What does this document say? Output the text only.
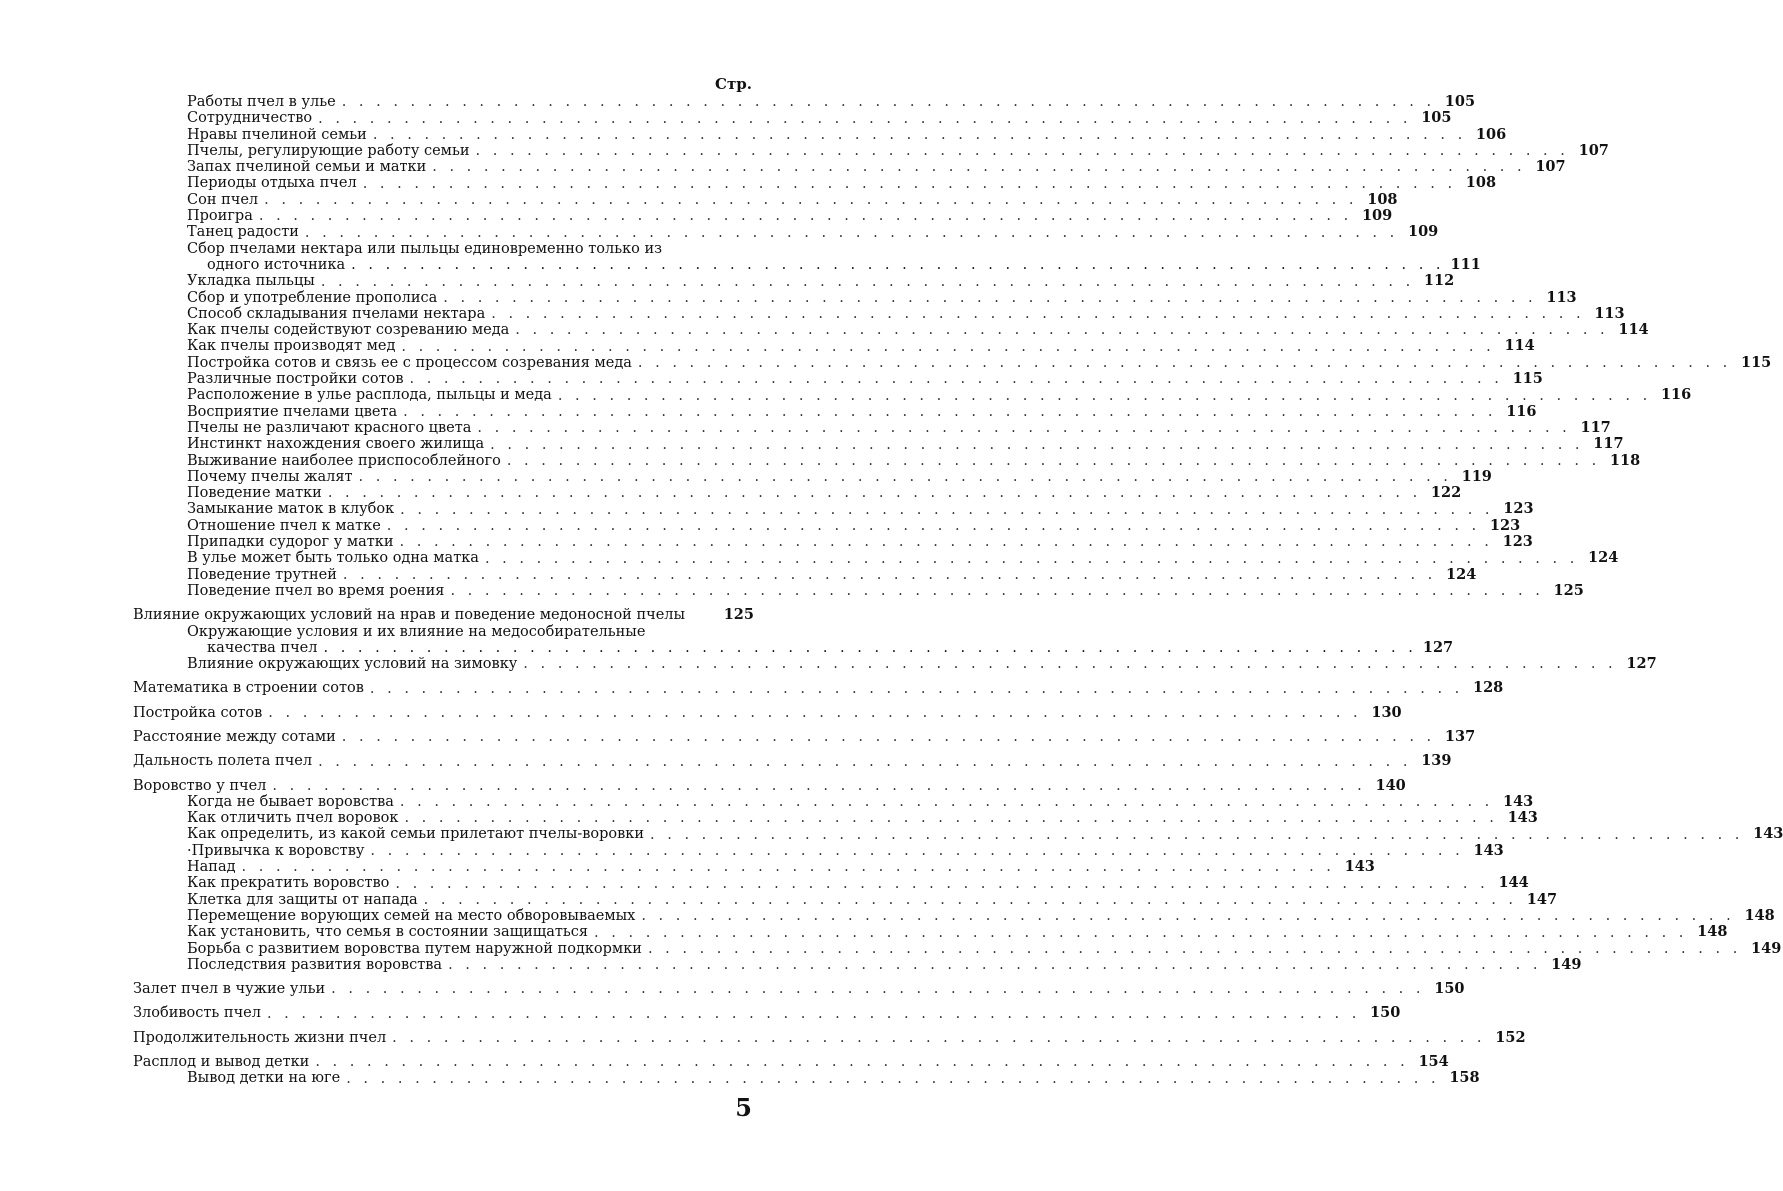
Стр.
Работы пчел в улье . . . . . . . . . . . . . . . . . . . . . . . . . . . . . . . . . . . . . . . . . . . . . . . . . . . . . . . . . . . . . . . . 105
Сотрудничество . . . . . . . . . . . . . . . . . . . . . . . . . . . . . . . . . . . . . . . . . . . . . . . . . . . . . . . . . . . . . . . . 105
Нравы пчелиной семьи . . . . . . . . . . . . . . . . . . . . . . . . . . . . . . . . . . . . . . . . . . . . . . . . . . . . . . . . . . . . . . . . 106
Пчелы, регулирующие работу семьи . . . . . . . . . . . . . . . . . . . . . . . . . . . . . . . . . . . . . . . . . . . . . . . . . . . . . . . . . . . . . . . . 107
Запах пчелиной семьи и матки . . . . . . . . . . . . . . . . . . . . . . . . . . . . . . . . . . . . . . . . . . . . . . . . . . . . . . . . . . . . . . . . 107
Периоды отдыха пчел . . . . . . . . . . . . . . . . . . . . . . . . . . . . . . . . . . . . . . . . . . . . . . . . . . . . . . . . . . . . . . . . 108
Сон пчел . . . . . . . . . . . . . . . . . . . . . . . . . . . . . . . . . . . . . . . . . . . . . . . . . . . . . . . . . . . . . . . . 108
Проигра . . . . . . . . . . . . . . . . . . . . . . . . . . . . . . . . . . . . . . . . . . . . . . . . . . . . . . . . . . . . . . . . 109
Танец радости . . . . . . . . . . . . . . . . . . . . . . . . . . . . . . . . . . . . . . . . . . . . . . . . . . . . . . . . . . . . . . . . 109
Сбор пчелами нектара или пыльцы единовременно только из
одного источника . . . . . . . . . . . . . . . . . . . . . . . . . . . . . . . . . . . . . . . . . . . . . . . . . . . . . . . . . . . . . . . . 111
Укладка пыльцы . . . . . . . . . . . . . . . . . . . . . . . . . . . . . . . . . . . . . . . . . . . . . . . . . . . . . . . . . . . . . . . . 112
Сбор и употребление прополиса . . . . . . . . . . . . . . . . . . . . . . . . . . . . . . . . . . . . . . . . . . . . . . . . . . . . . . . . . . . . . . . . 113
Способ складывания пчелами нектара . . . . . . . . . . . . . . . . . . . . . . . . . . . . . . . . . . . . . . . . . . . . . . . . . . . . . . . . . . . . . . . . 113
Как пчелы содействуют созреванию меда . . . . . . . . . . . . . . . . . . . . . . . . . . . . . . . . . . . . . . . . . . . . . . . . . . . . . . . . . . . . . . . . 114
Как пчелы производят мед . . . . . . . . . . . . . . . . . . . . . . . . . . . . . . . . . . . . . . . . . . . . . . . . . . . . . . . . . . . . . . . . 114
Постройка сотов и связь ее с процессом созревания меда . . . . . . . . . . . . . . . . . . . . . . . . . . . . . . . . . . . . . . . . . . . . . . . . . . . . . . . . . . . . . . . . 115
Различные постройки сотов . . . . . . . . . . . . . . . . . . . . . . . . . . . . . . . . . . . . . . . . . . . . . . . . . . . . . . . . . . . . . . . . 115
Расположение в улье расплода, пыльцы и меда . . . . . . . . . . . . . . . . . . . . . . . . . . . . . . . . . . . . . . . . . . . . . . . . . . . . . . . . . . . . . . . . 116
Восприятие пчелами цвета . . . . . . . . . . . . . . . . . . . . . . . . . . . . . . . . . . . . . . . . . . . . . . . . . . . . . . . . . . . . . . . . 116
Пчелы не различают красного цвета . . . . . . . . . . . . . . . . . . . . . . . . . . . . . . . . . . . . . . . . . . . . . . . . . . . . . . . . . . . . . . . . 117
Инстинкт нахождения своего жилища . . . . . . . . . . . . . . . . . . . . . . . . . . . . . . . . . . . . . . . . . . . . . . . . . . . . . . . . . . . . . . . . 117
Выживание наиболее приспособлейного . . . . . . . . . . . . . . . . . . . . . . . . . . . . . . . . . . . . . . . . . . . . . . . . . . . . . . . . . . . . . . . . 118
Почему пчелы жалят . . . . . . . . . . . . . . . . . . . . . . . . . . . . . . . . . . . . . . . . . . . . . . . . . . . . . . . . . . . . . . . . 119
Поведение матки . . . . . . . . . . . . . . . . . . . . . . . . . . . . . . . . . . . . . . . . . . . . . . . . . . . . . . . . . . . . . . . . 122
Замыкание маток в клубок . . . . . . . . . . . . . . . . . . . . . . . . . . . . . . . . . . . . . . . . . . . . . . . . . . . . . . . . . . . . . . . . 123
Отношение пчел к матке . . . . . . . . . . . . . . . . . . . . . . . . . . . . . . . . . . . . . . . . . . . . . . . . . . . . . . . . . . . . . . . . 123
Припадки судорог у матки . . . . . . . . . . . . . . . . . . . . . . . . . . . . . . . . . . . . . . . . . . . . . . . . . . . . . . . . . . . . . . . . 123
В улье может быть только одна матка . . . . . . . . . . . . . . . . . . . . . . . . . . . . . . . . . . . . . . . . . . . . . . . . . . . . . . . . . . . . . . . . 124
Поведение трутней . . . . . . . . . . . . . . . . . . . . . . . . . . . . . . . . . . . . . . . . . . . . . . . . . . . . . . . . . . . . . . . . 124
Поведение пчел во время роения . . . . . . . . . . . . . . . . . . . . . . . . . . . . . . . . . . . . . . . . . . . . . . . . . . . . . . . . . . . . . . . . 125
Влияние окружающих условий на нрав и поведение медоносной пчелы	125
Окружающие условия и их влияние на медособирательные
качества пчел . . . . . . . . . . . . . . . . . . . . . . . . . . . . . . . . . . . . . . . . . . . . . . . . . . . . . . . . . . . . . . . . 127
Влияние окружающих условий на зимовку . . . . . . . . . . . . . . . . . . . . . . . . . . . . . . . . . . . . . . . . . . . . . . . . . . . . . . . . . . . . . . . . 127
Математика в строении сотов . . . . . . . . . . . . . . . . . . . . . . . . . . . . . . . . . . . . . . . . . . . . . . . . . . . . . . . . . . . . . . . . 128
Постройка сотов . . . . . . . . . . . . . . . . . . . . . . . . . . . . . . . . . . . . . . . . . . . . . . . . . . . . . . . . . . . . . . . . 130
Расстояние между сотами . . . . . . . . . . . . . . . . . . . . . . . . . . . . . . . . . . . . . . . . . . . . . . . . . . . . . . . . . . . . . . . . 137
Дальность полета пчел . . . . . . . . . . . . . . . . . . . . . . . . . . . . . . . . . . . . . . . . . . . . . . . . . . . . . . . . . . . . . . . . 139
Воровство у пчел . . . . . . . . . . . . . . . . . . . . . . . . . . . . . . . . . . . . . . . . . . . . . . . . . . . . . . . . . . . . . . . . 140
Когда не бывает воровства . . . . . . . . . . . . . . . . . . . . . . . . . . . . . . . . . . . . . . . . . . . . . . . . . . . . . . . . . . . . . . . . 143
Как отличить пчел воровок . . . . . . . . . . . . . . . . . . . . . . . . . . . . . . . . . . . . . . . . . . . . . . . . . . . . . . . . . . . . . . . . 143
Как определить, из какой семьи прилетают пчелы-воровки . . . . . . . . . . . . . . . . . . . . . . . . . . . . . . . . . . . . . . . . . . . . . . . . . . . . . . . . . . . . . . . . 143
·Привычка к воровству . . . . . . . . . . . . . . . . . . . . . . . . . . . . . . . . . . . . . . . . . . . . . . . . . . . . . . . . . . . . . . . . 143
Напад . . . . . . . . . . . . . . . . . . . . . . . . . . . . . . . . . . . . . . . . . . . . . . . . . . . . . . . . . . . . . . . . 143
Как прекратить воровство . . . . . . . . . . . . . . . . . . . . . . . . . . . . . . . . . . . . . . . . . . . . . . . . . . . . . . . . . . . . . . . . 144
Клетка для защиты от напада . . . . . . . . . . . . . . . . . . . . . . . . . . . . . . . . . . . . . . . . . . . . . . . . . . . . . . . . . . . . . . . . 147
Перемещение ворующих семей на место обворовываемых . . . . . . . . . . . . . . . . . . . . . . . . . . . . . . . . . . . . . . . . . . . . . . . . . . . . . . . . . . . . . . . . 148
Как установить, что семья в состоянии защищаться . . . . . . . . . . . . . . . . . . . . . . . . . . . . . . . . . . . . . . . . . . . . . . . . . . . . . . . . . . . . . . . . 148
Борьба с развитием воровства путем наружной подкормки . . . . . . . . . . . . . . . . . . . . . . . . . . . . . . . . . . . . . . . . . . . . . . . . . . . . . . . . . . . . . . . . 149
Последствия развития воровства . . . . . . . . . . . . . . . . . . . . . . . . . . . . . . . . . . . . . . . . . . . . . . . . . . . . . . . . . . . . . . . . 149
Залет пчел в чужие ульи . . . . . . . . . . . . . . . . . . . . . . . . . . . . . . . . . . . . . . . . . . . . . . . . . . . . . . . . . . . . . . . . 150
Злобивость пчел . . . . . . . . . . . . . . . . . . . . . . . . . . . . . . . . . . . . . . . . . . . . . . . . . . . . . . . . . . . . . . . . 150
Продолжительность жизни пчел . . . . . . . . . . . . . . . . . . . . . . . . . . . . . . . . . . . . . . . . . . . . . . . . . . . . . . . . . . . . . . . . 152
Расплод и вывод детки . . . . . . . . . . . . . . . . . . . . . . . . . . . . . . . . . . . . . . . . . . . . . . . . . . . . . . . . . . . . . . . . 154
Вывод детки на юге . . . . . . . . . . . . . . . . . . . . . . . . . . . . . . . . . . . . . . . . . . . . . . . . . . . . . . . . . . . . . . . . 158
5
